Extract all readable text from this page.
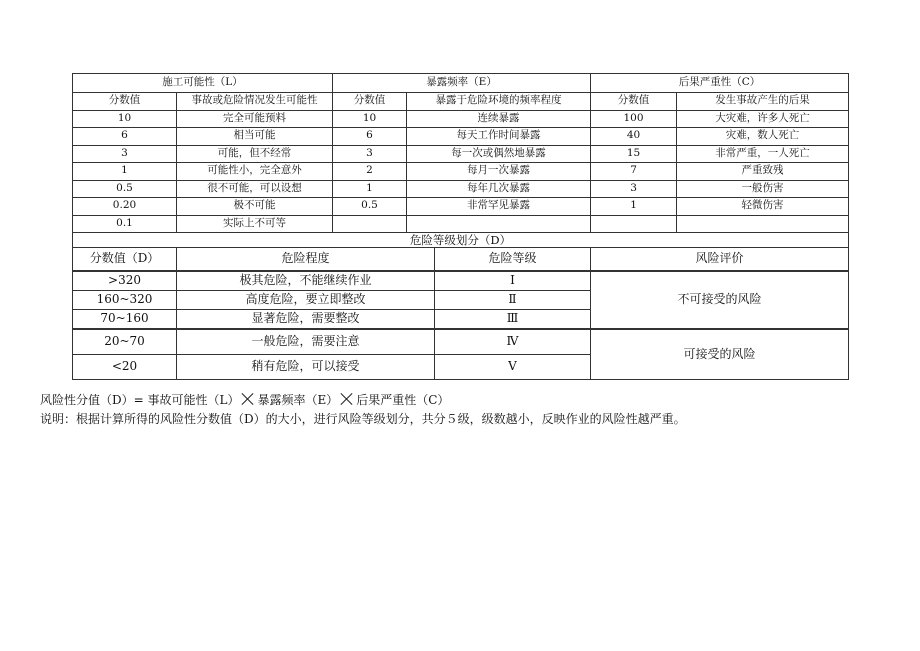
施工可能性（L）		暴露频率（E）		后果严重性（C）	
分数值	事故或危险情况发生可能性	分数值	暴露于危险环境的频率程度	分数值	发生事故产生的后果
10	完全可能预料	10	连续暴露	100	大灾难，许多人死亡
6	相当可能	6	每天工作时间暴露	40	灾难，数人死亡
3	可能，但不经常	3	每一次或偶然地暴露	15	非常严重，一人死亡
1	可能性小，完全意外	2	每月一次暴露	7	严重致残
0.5	很不可能，可以设想	1	每年几次暴露	3	一般伤害
0.20	极不可能	0.5	非常罕见暴露	1	轻微伤害
0.1	实际上不可等				
危险等级划分（D）			
分数值（D）	危险程度	危险等级	风险评价
>320	极其危险，不能继续作业	Ⅰ	不可接受的风险
160~320	高度危险，要立即整改	Ⅱ	
70~160	显著危险，需要整改	Ⅲ	
20~70	一般危险，需要注意	Ⅳ	可接受的风险
<20	稍有危险，可以接受	Ⅴ	
风险性分值（D）= 事故可能性（L） 暴露频率（E） 后果严重性（C）
说明：根据计算所得的风险性分数值（D）的大小，进行风险等级划分，共分５级，级数越小，反映作业的风险性越严重。
